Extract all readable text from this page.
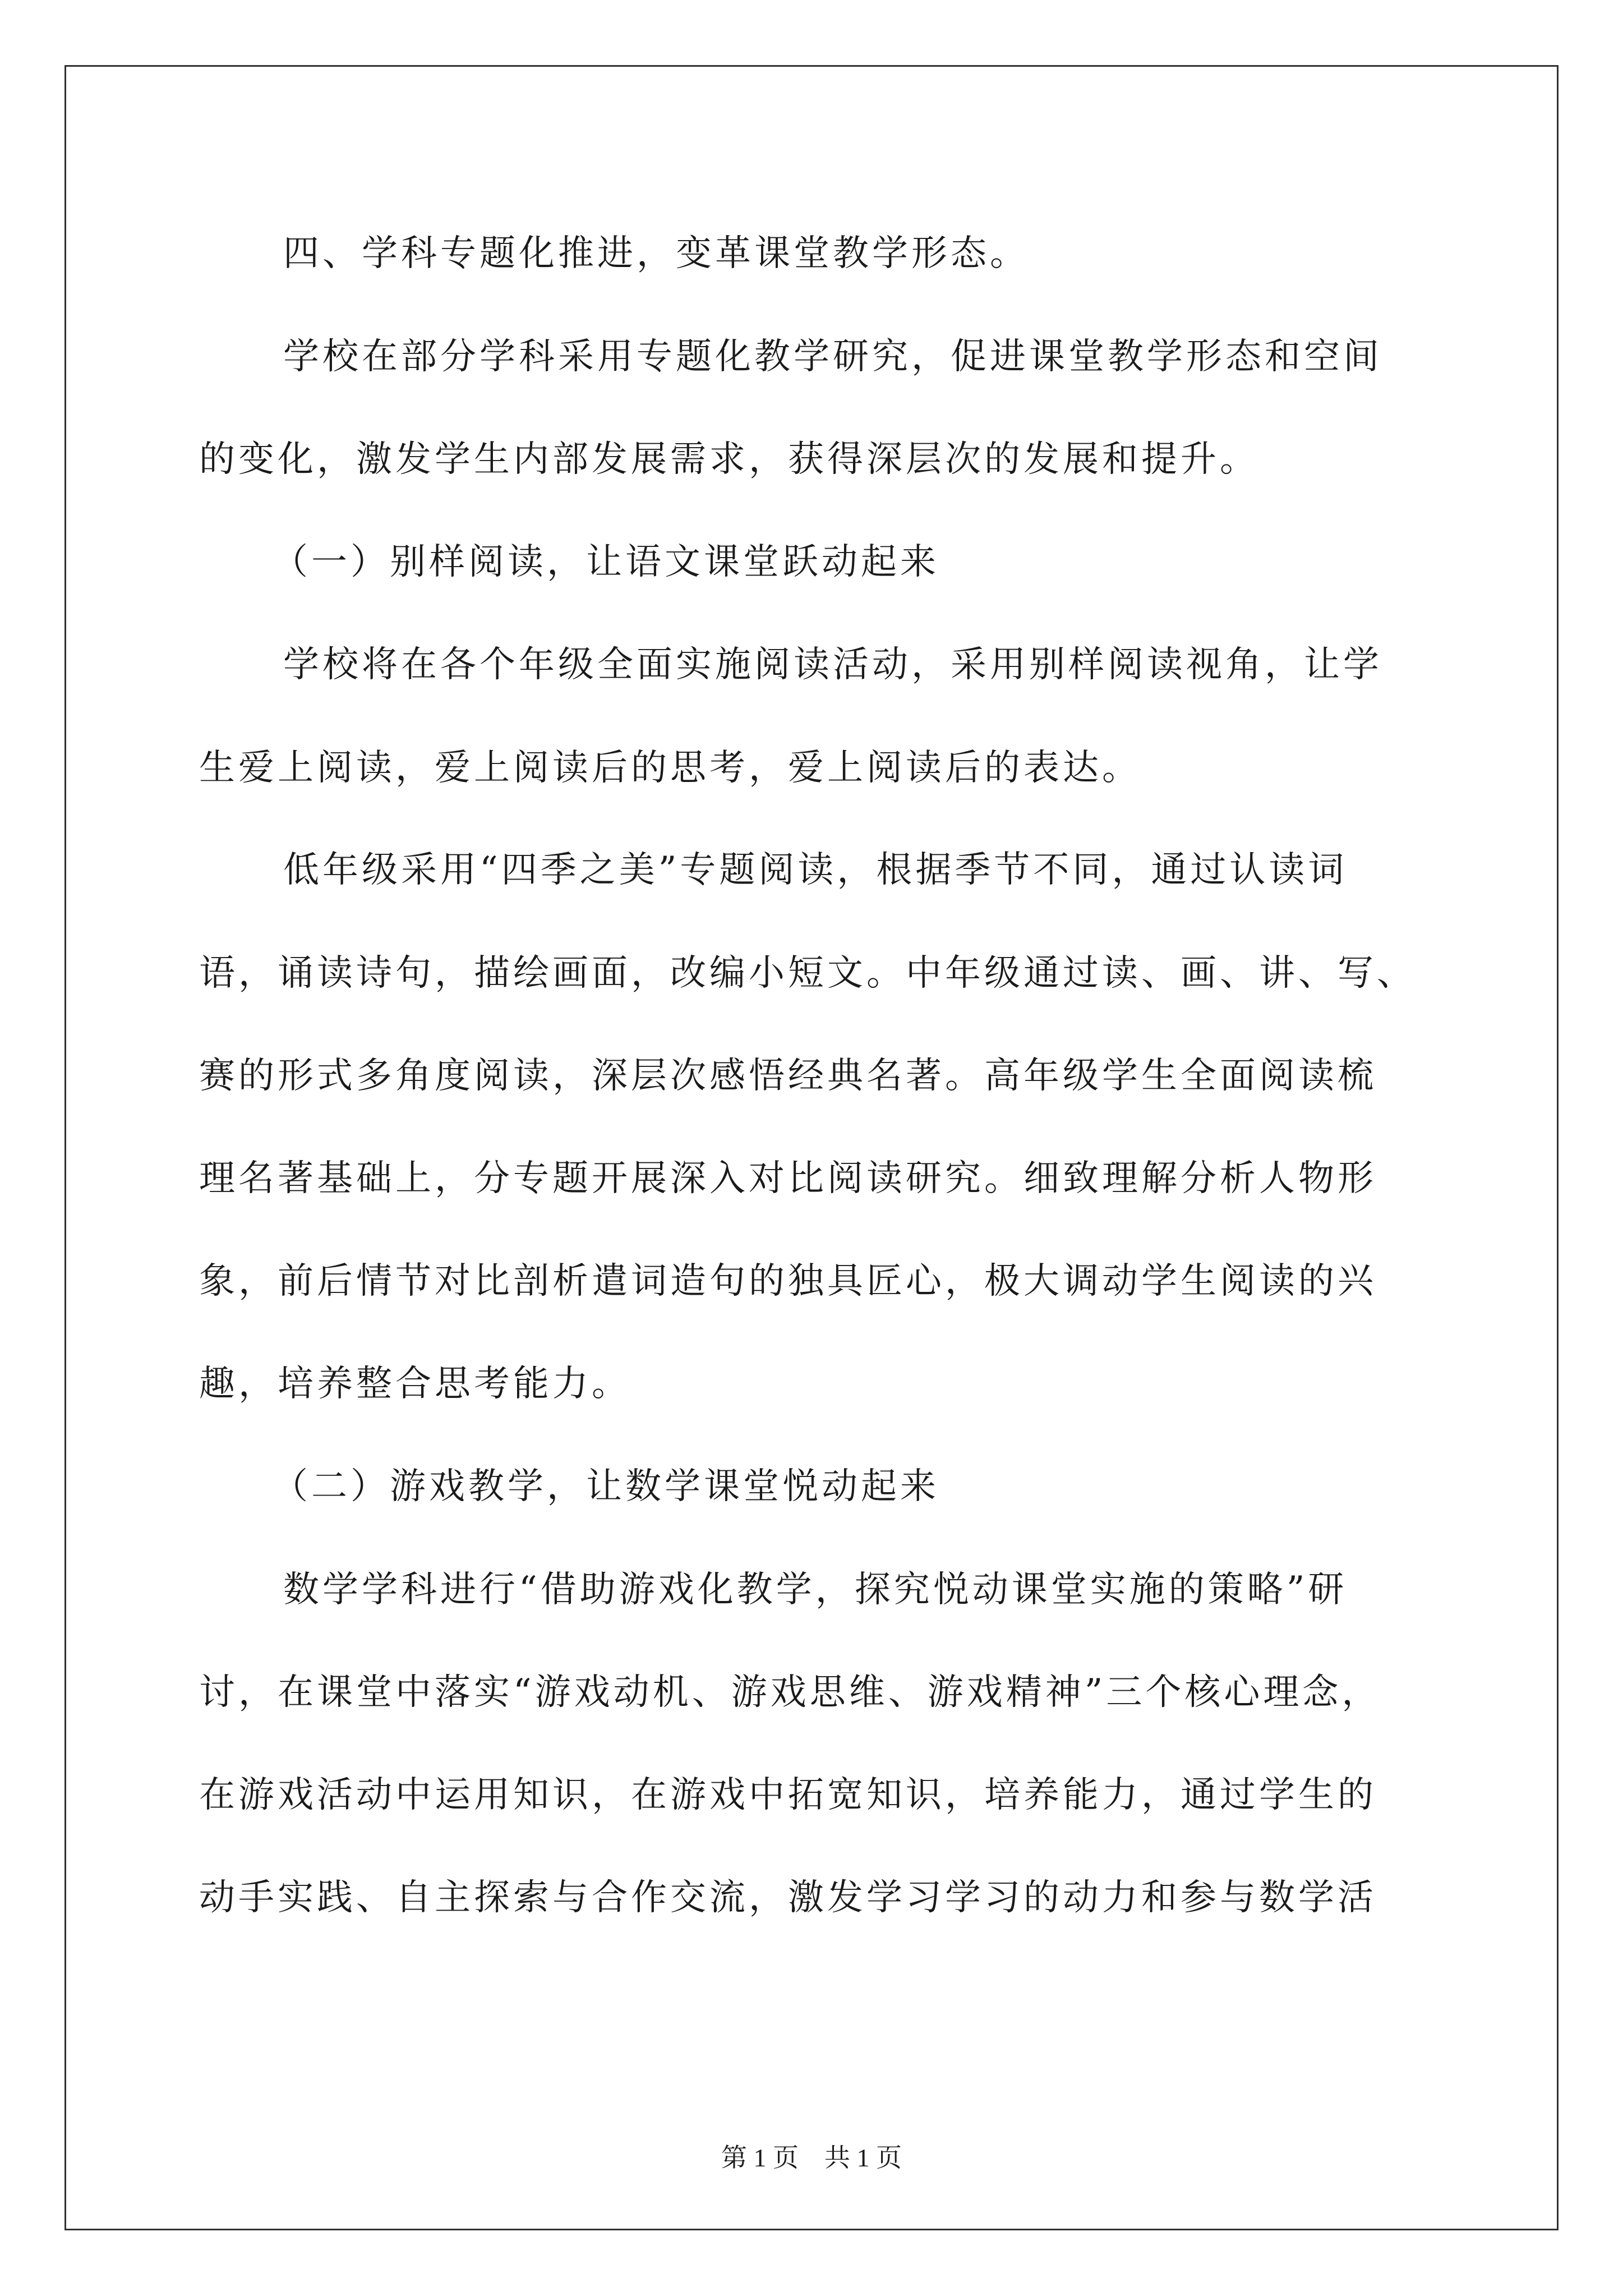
四、学科专题化推进，变革课堂教学形态。
学校在部分学科采用专题化教学研究，促进课堂教学形态和空间
的变化，激发学生内部发展需求，获得深层次的发展和提升。
（一）别样阅读，让语文课堂跃动起来
学校将在各个年级全面实施阅读活动，采用别样阅读视角，让学
生爱上阅读，爱上阅读后的思考，爱上阅读后的表达。
低年级采用“四季之美”专题阅读，根据季节不同，通过认读词
语，诵读诗句，描绘画面，改编小短文。中年级通过读、画、讲、写、
赛的形式多角度阅读，深层次感悟经典名著。高年级学生全面阅读梳
理名著基础上，分专题开展深入对比阅读研究。细致理解分析人物形
象，前后情节对比剖析遣词造句的独具匠心，极大调动学生阅读的兴
趣，培养整合思考能力。
（二）游戏教学，让数学课堂悦动起来
数学学科进行“借助游戏化教学，探究悦动课堂实施的策略”研
讨，在课堂中落实“游戏动机、游戏思维、游戏精神”三个核心理念，
在游戏活动中运用知识，在游戏中拓宽知识，培养能力，通过学生的
动手实践、自主探索与合作交流，激发学习学习的动力和参与数学活
第 1 页　共 1 页
